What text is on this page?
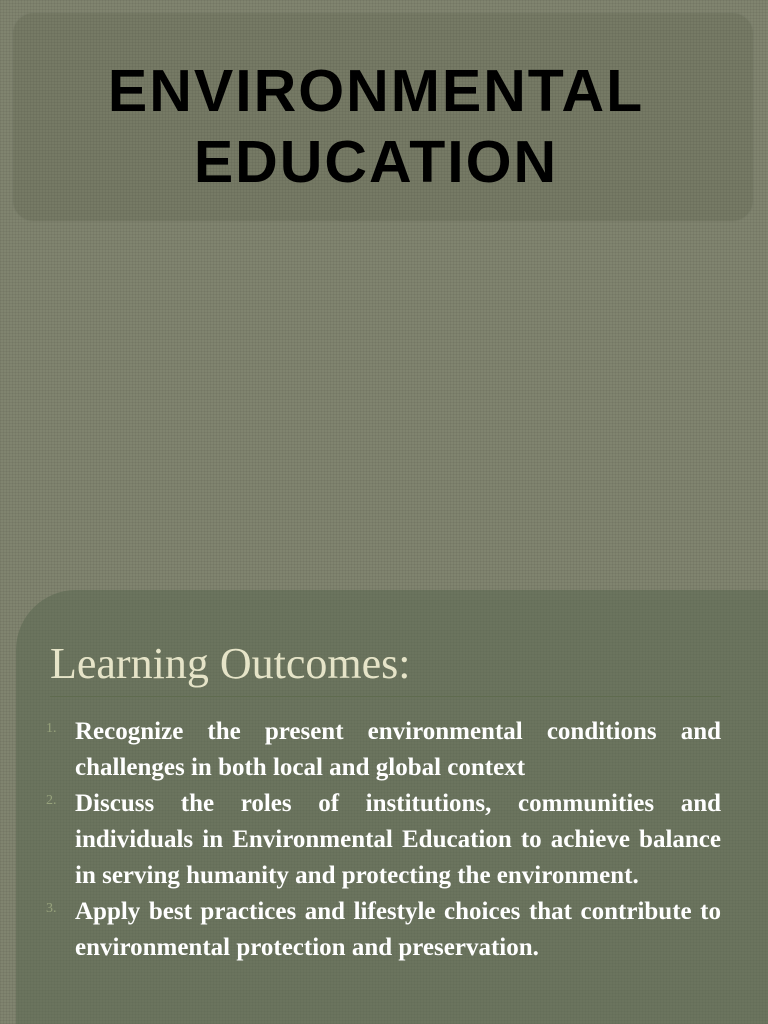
ENVIRONMENTAL
EDUCATION
Learning Outcomes:
1. Recognize the present environmental conditions and challenges in both local and global context
2. Discuss the roles of institutions, communities and individuals in Environmental Education to achieve balance in serving humanity and protecting the environment.
3. Apply best practices and lifestyle choices that contribute to environmental protection and preservation.
